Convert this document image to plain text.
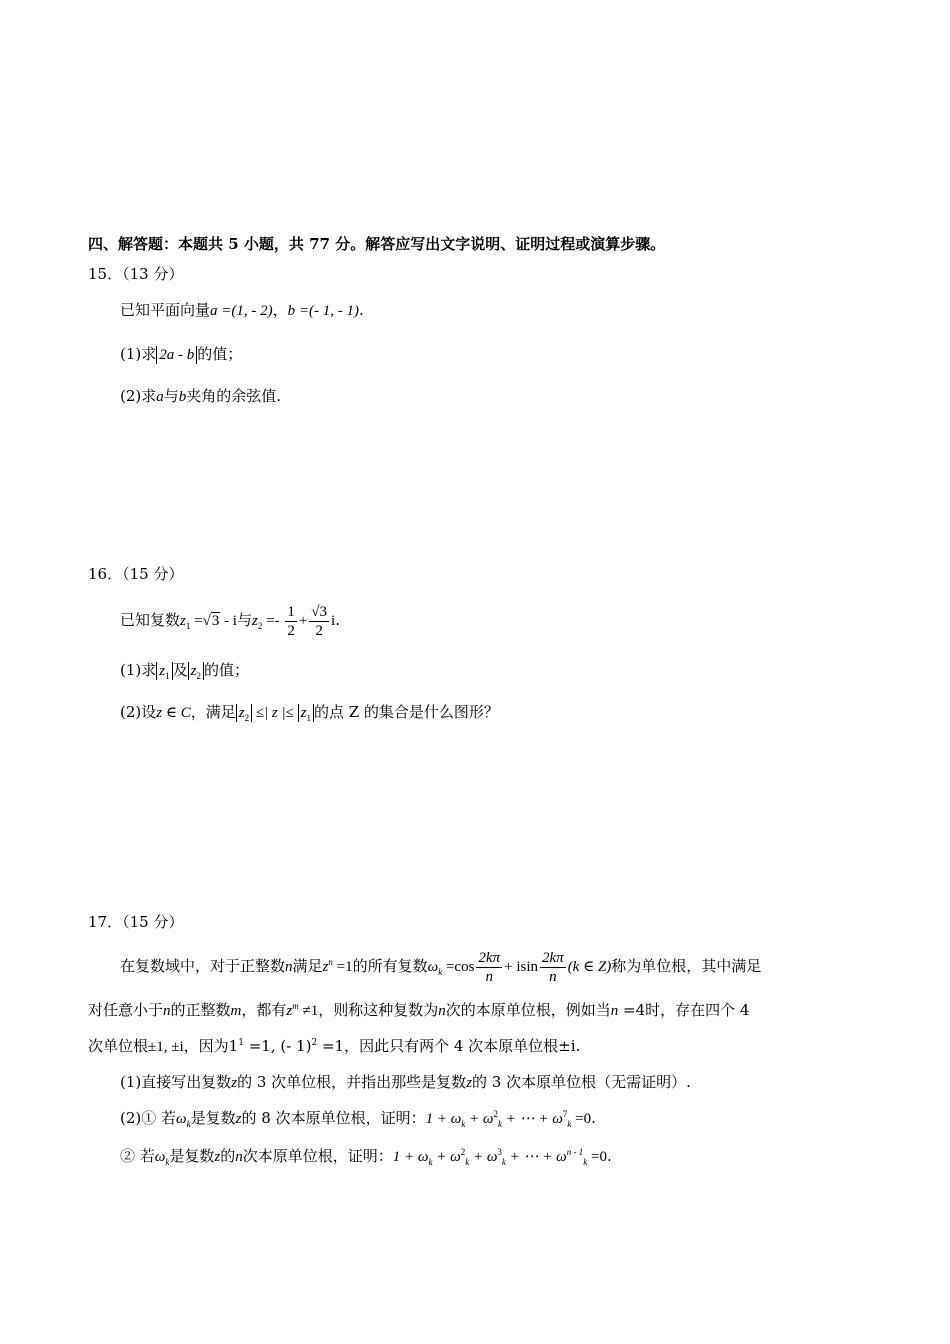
四、解答题：本题共 5 小题，共 77 分。解答应写出文字说明、证明过程或演算步骤。
15．（13 分）
已知平面向量a =(1, - 2)，b =(- 1, - 1).
(1)求 2a - b 的值；
(2)求a与b夹角的余弦值.
16．（15 分）
已知复数$z_1 =√3 - i$与$z_2 =- \frac{1}{2} + \frac{√3}{2} i$.
(1)求 $z_1$ 及 $z_2$ 的值；
(2)设z ∈ C，满足 $z_2$ ≤| z |≤ $z_1$ 的点 Z 的集合是什么图形？
17．（15 分）
在复数域中，对于正整数n满足$z^n =1$的所有复数$\omega_k =\cos \frac{2k\pi}{n} + isin \frac{2k\pi}{n} (k$ ∈ Z)称为单位根，其中满足
对任意小于n的正整数m，都有$z^m \ne 1$，则称这种复数为n次的本原单位根，例如当n =4时，存在四个 4
次单位根±1, ±i，因为$1^1 =1$, (- 1)$^2$ =1，因此只有两个 4 次本原单位根±i.
(1)直接写出复数z的 3 次单位根，并指出那些是复数z的 3 次本原单位根（无需证明）.
(2)① 若$\omega_k$是复数z的 8 次本原单位根，证明：$1 + \omega_k + \omega^2_k$ + ⋯ + $\omega^7_k =0$.
② 若$\omega_k$是复数z的n次本原单位根，证明：$1 + \omega_k + \omega^2_k + \omega^3_k$ + ⋯ + $\omega^{n - 1}_k =0$.
